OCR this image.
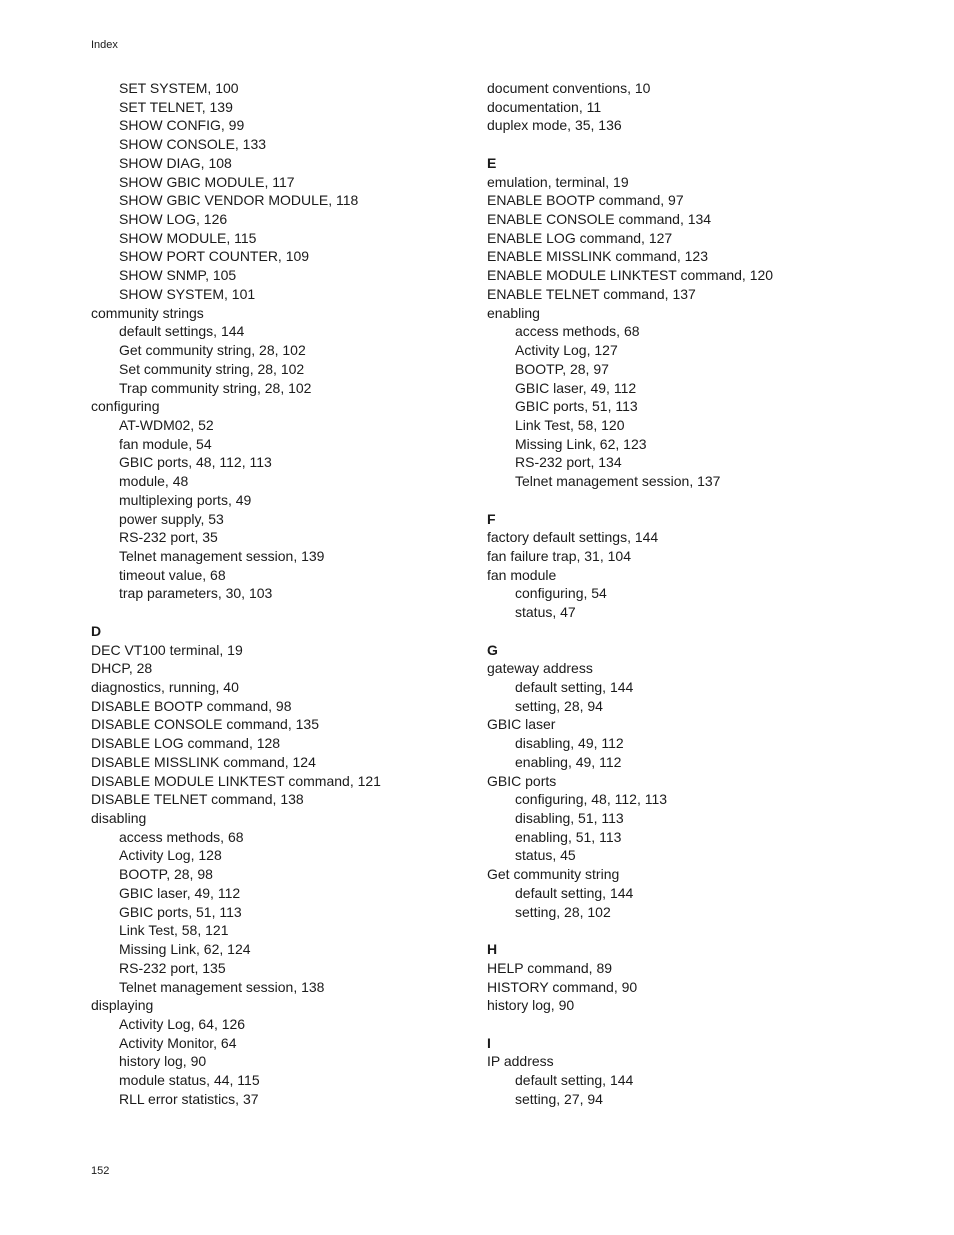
Index
SET SYSTEM, 100
SET TELNET, 139
SHOW CONFIG, 99
SHOW CONSOLE, 133
SHOW DIAG, 108
SHOW GBIC MODULE, 117
SHOW GBIC VENDOR MODULE, 118
SHOW LOG, 126
SHOW MODULE, 115
SHOW PORT COUNTER, 109
SHOW SNMP, 105
SHOW SYSTEM, 101
community strings
default settings, 144
Get community string, 28, 102
Set community string, 28, 102
Trap community string, 28, 102
configuring
AT-WDM02, 52
fan module, 54
GBIC ports, 48, 112, 113
module, 48
multiplexing ports, 49
power supply, 53
RS-232 port, 35
Telnet management session, 139
timeout value, 68
trap parameters, 30, 103
D
DEC VT100 terminal, 19
DHCP, 28
diagnostics, running, 40
DISABLE BOOTP command, 98
DISABLE CONSOLE command, 135
DISABLE LOG command, 128
DISABLE MISSLINK command, 124
DISABLE MODULE LINKTEST command, 121
DISABLE TELNET command, 138
disabling
access methods, 68
Activity Log, 128
BOOTP, 28, 98
GBIC laser, 49, 112
GBIC ports, 51, 113
Link Test, 58, 121
Missing Link, 62, 124
RS-232 port, 135
Telnet management session, 138
displaying
Activity Log, 64, 126
Activity Monitor, 64
history log, 90
module status, 44, 115
RLL error statistics, 37
document conventions, 10
documentation, 11
duplex mode, 35, 136
E
emulation, terminal, 19
ENABLE BOOTP command, 97
ENABLE CONSOLE command, 134
ENABLE LOG command, 127
ENABLE MISSLINK command, 123
ENABLE MODULE LINKTEST command, 120
ENABLE TELNET command, 137
enabling
access methods, 68
Activity Log, 127
BOOTP, 28, 97
GBIC laser, 49, 112
GBIC ports, 51, 113
Link Test, 58, 120
Missing Link, 62, 123
RS-232 port, 134
Telnet management session, 137
F
factory default settings, 144
fan failure trap, 31, 104
fan module
configuring, 54
status, 47
G
gateway address
default setting, 144
setting, 28, 94
GBIC laser
disabling, 49, 112
enabling, 49, 112
GBIC ports
configuring, 48, 112, 113
disabling, 51, 113
enabling, 51, 113
status, 45
Get community string
default setting, 144
setting, 28, 102
H
HELP command, 89
HISTORY command, 90
history log, 90
I
IP address
default setting, 144
setting, 27, 94
152
